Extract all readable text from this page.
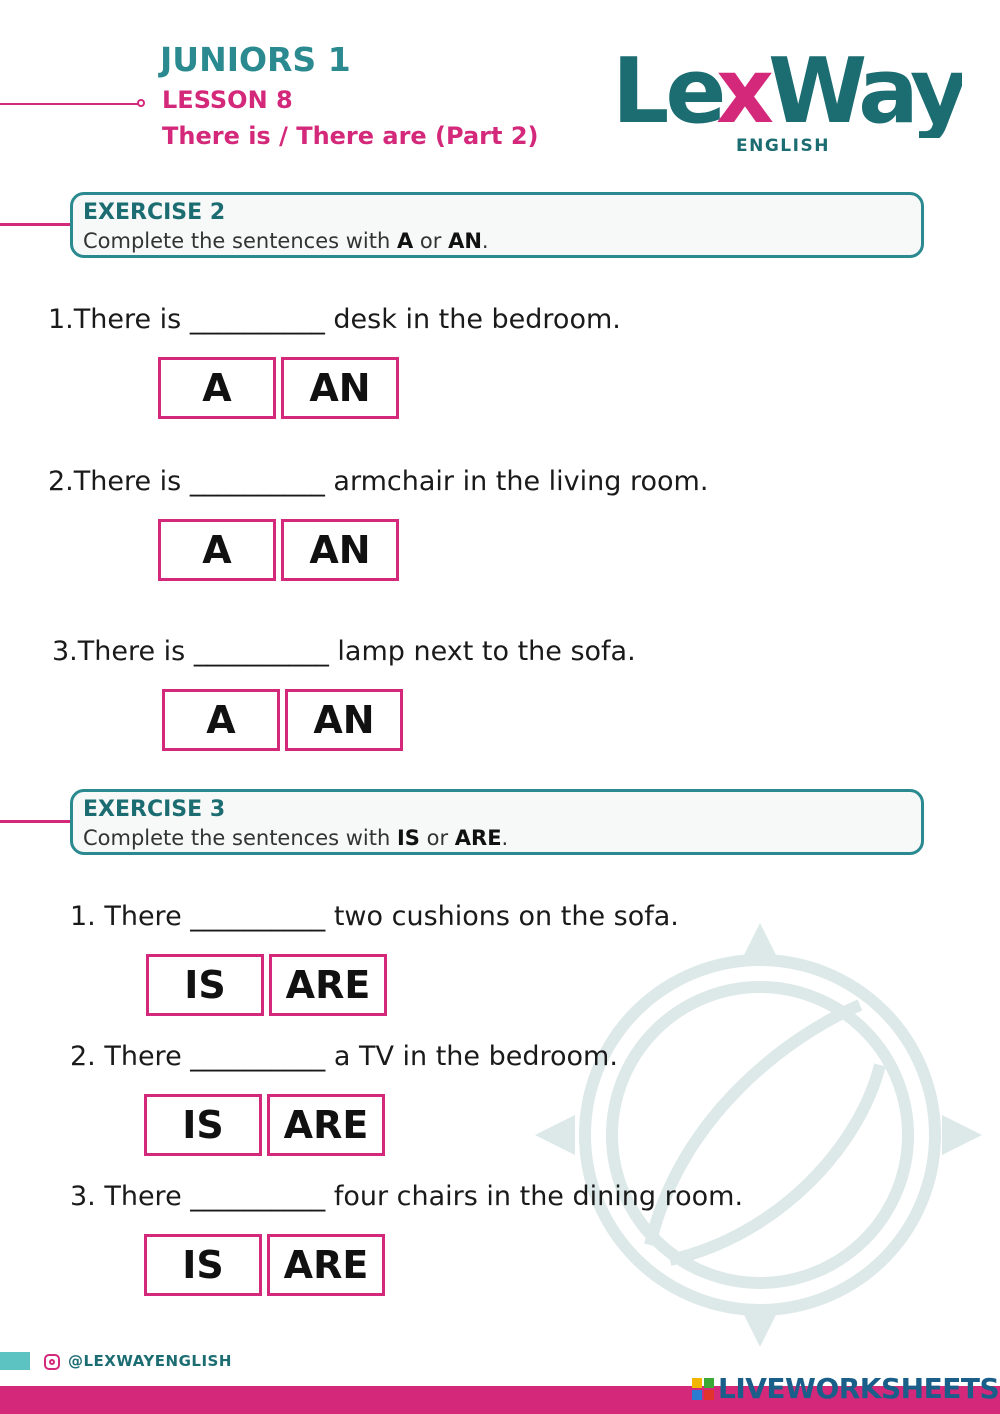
JUNIORS 1
LESSON 8
There is / There are (Part 2) Le
x
Way
ENGLISH
EXERCISE 2
Complete the sentences with A or AN.
1.There is __________ desk in the bedroom.
A	AN
2.There is __________ armchair in the living room.
A	AN
3.There is __________ lamp next to the sofa.
A	AN
EXERCISE 3
Complete the sentences with IS or ARE.
1. There __________ two cushions on the sofa.
IS	ARE
2. There __________ a TV in the bedroom.
IS	ARE
3. There __________ four chairs in the dining room.
IS	ARE
@LEXWAYENGLISH
LIVEWORKSHEETS
